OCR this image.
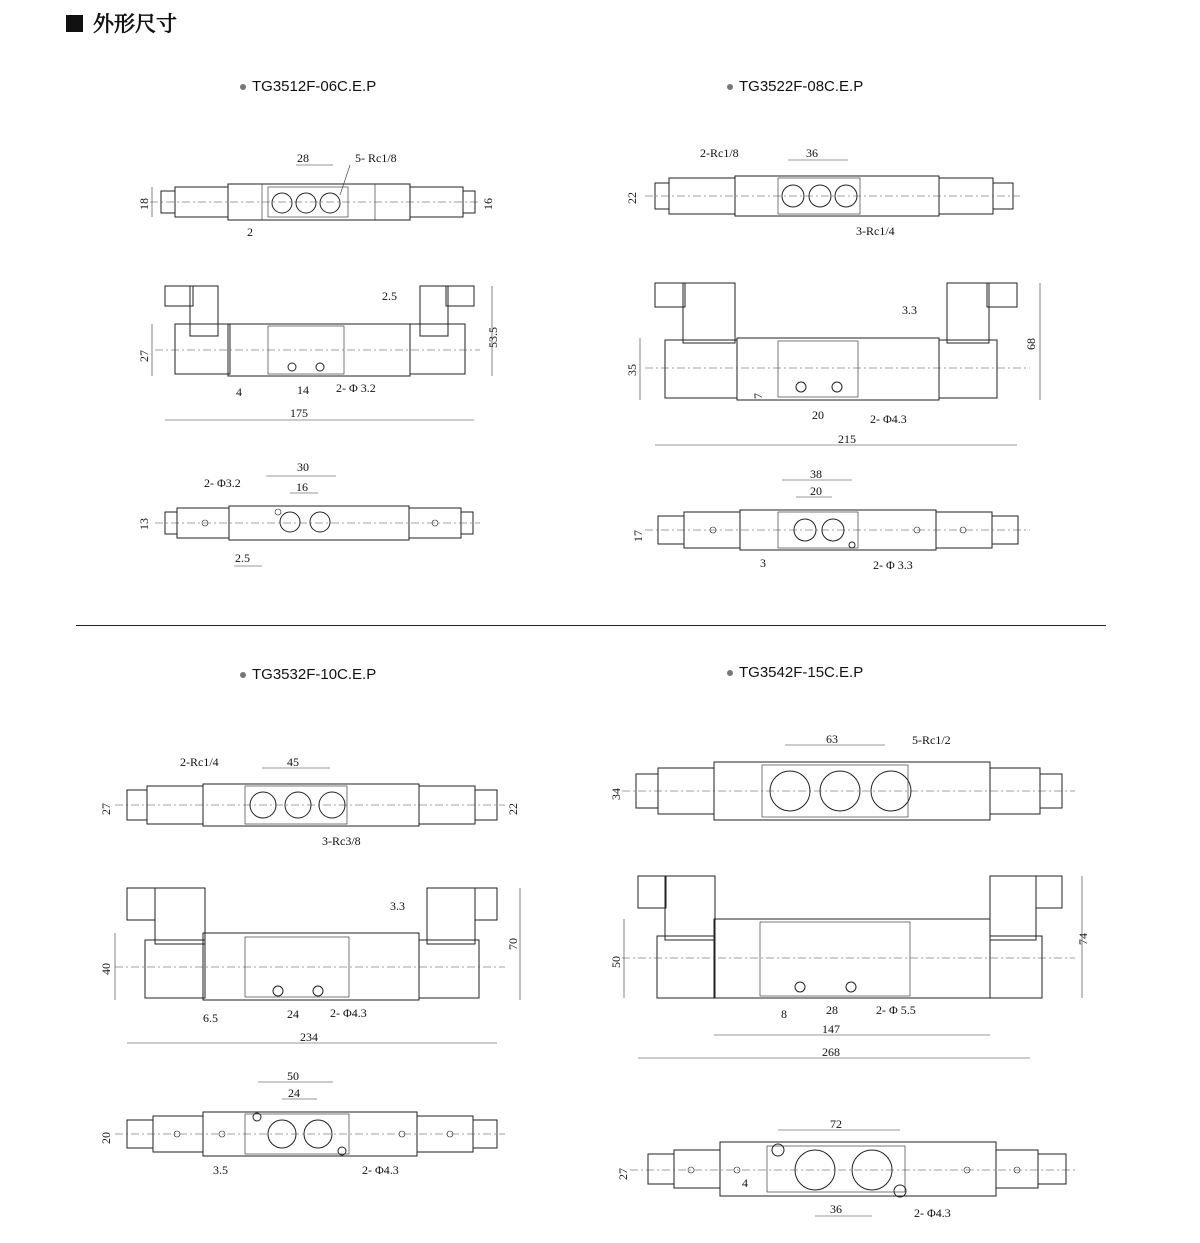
外形尺寸
TG3512F-06C.E.P	TG3522F-08C.E.P
TG3532F-10C.E.P	TG3542F-15C.E.P
28	5- Rc1/8
18	16
2
175
2.5
53.5
27
4	14 2- Φ 3.2
30
16
2- Φ3.2
13
2.5
36
2-Rc1/8
22
3-Rc1/4
215
3.3
68
35
7
20	2- Φ4.3
38
20
17
3	2- Φ 3.3
45
2-Rc1/4
27	22
3-Rc3/8
234
3.3
70
40
6.5	24	2- Φ4.3
50
24
20
3.5	2- Φ4.3
63	5-Rc1/2
34
147
268
74
50
8	28	2- Φ 5.5
72
27
4
36	2- Φ4.3
